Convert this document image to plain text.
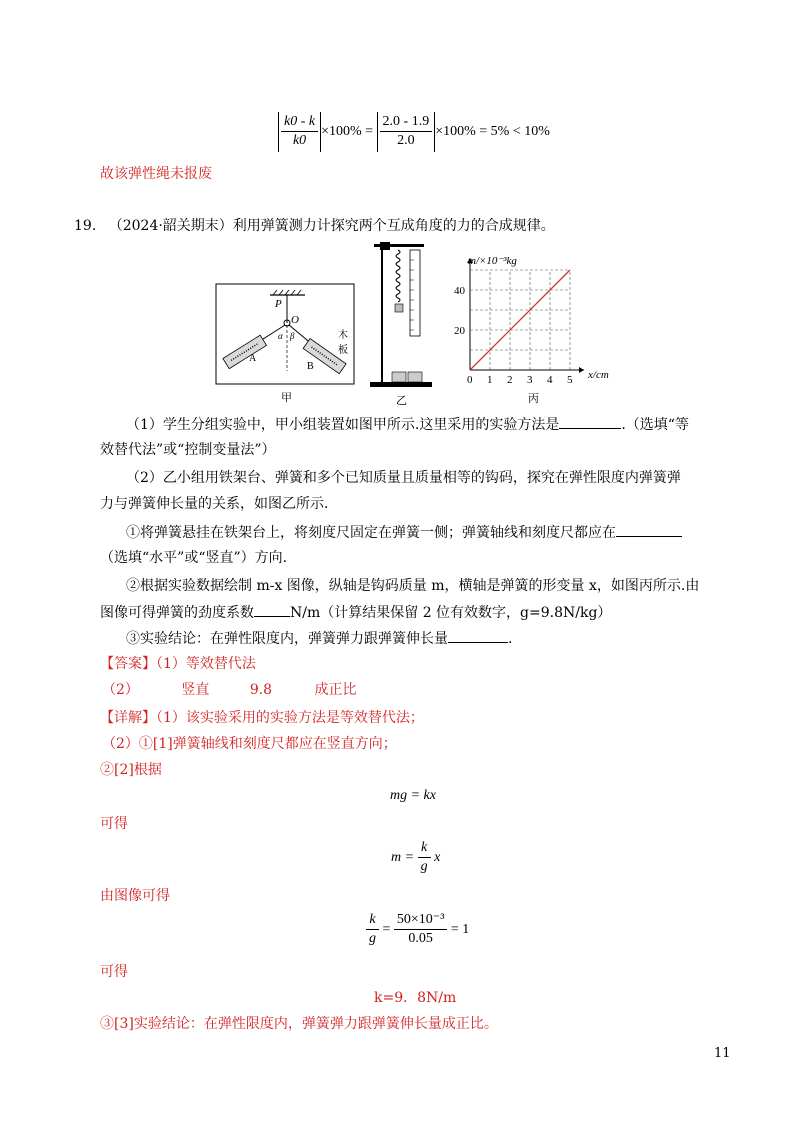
$\frac{k0 - k}{k0} \times 100\% = \frac{2.0 - 1.9}{2.0} \times 100\% = 5\% < 10\%$
故该弹性绳未报废
19. （2024·韶关期末）利用弹簧测力计探究两个互成角度的力的合成规律。
P
O
α β
A
B
木
板
甲	乙
0 1 2 3 4 5
20
40
m/×10⁻³kg
x/cm
丙
（1）学生分组实验中，甲小组装置如图甲所示.这里采用的实验方法是	.（选填“等
效替代法”或“控制变量法”）
（2）乙小组用铁架台、弹簧和多个已知质量且质量相等的钩码，探究在弹性限度内弹簧弹
力与弹簧伸长量的关系，如图乙所示.
①将弹簧悬挂在铁架台上，将刻度尺固定在弹簧一侧；弹簧轴线和刻度尺都应在
（选填“水平”或“竖直”）方向.
②根据实验数据绘制 m-x 图像，纵轴是钩码质量 m，横轴是弹簧的形变量 x，如图丙所示.由
图像可得弹簧的劲度系数	N/m（计算结果保留 2 位有效数字，g=9.8N/kg）
③实验结论：在弹性限度内，弹簧弹力跟弹簧伸长量	.
【答案】（1）等效替代法
（2）	竖直	9.8	成正比
【详解】（1）该实验采用的实验方法是等效替代法；
（2）①[1]弹簧轴线和刻度尺都应在竖直方向；
②[2]根据
mg = kx
可得
$m = \frac{k}{g}$ x
由图像可得
$\frac{k}{g} = \frac{\text{50×10⁻³}}{0.05} = 1$
可得
k=9．8N/m
③[3]实验结论：在弹性限度内，弹簧弹力跟弹簧伸长量成正比。
11
